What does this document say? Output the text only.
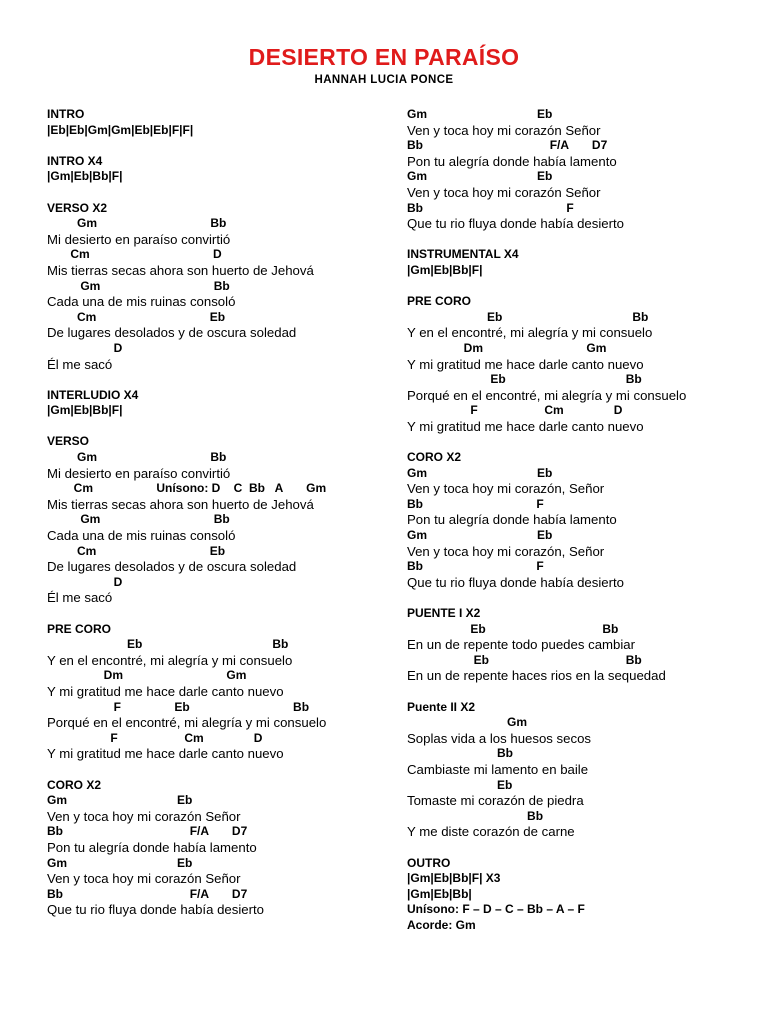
DESIERTO EN PARAÍSO
HANNAH LUCIA PONCE
INTRO
|Eb|Eb|Gm|Gm|Eb|Eb|F|F|
INTRO X4
|Gm|Eb|Bb|F|
VERSO X2
Gm                                  Bb
Mi desierto en paraíso convirtió
Cm                                     D
Mis tierras secas ahora son huerto de Jehová
Gm                                  Bb
Cada una de mis ruinas consoló
Cm                                  Eb
De lugares desolados y de oscura soledad
D
Él me sacó
INTERLUDIO X4
|Gm|Eb|Bb|F|
VERSO
Gm                                  Bb
Mi desierto en paraíso convirtió
Cm                   Unísono: D    C  Bb   A       Gm
Mis tierras secas ahora son huerto de Jehová
Gm                                  Bb
Cada una de mis ruinas consoló
Cm                                  Eb
De lugares desolados y de oscura soledad
D
Él me sacó
PRE CORO
Eb                                       Bb
Y en el encontré, mi alegría y mi consuelo
Dm                               Gm
Y mi gratitud me hace darle canto nuevo
F                Eb                               Bb
Porqué en el encontré, mi alegría y mi consuelo
F                    Cm               D
Y mi gratitud me hace darle canto nuevo
CORO X2
Gm                                 Eb
Ven y toca hoy mi corazón Señor
Bb                                      F/A       D7
Pon tu alegría donde había lamento
Gm                                 Eb
Ven y toca hoy mi corazón Señor
Bb                                      F/A       D7
Que tu rio fluya donde había desierto
Gm                                 Eb
Ven y toca hoy mi corazón Señor
Bb                                      F/A       D7
Pon tu alegría donde había lamento
Gm                                 Eb
Ven y toca hoy mi corazón Señor
Bb                                           F
Que tu rio fluya donde había desierto
INSTRUMENTAL X4
|Gm|Eb|Bb|F|
PRE CORO
Eb                                       Bb
Y en el encontré, mi alegría y mi consuelo
Dm                               Gm
Y mi gratitud me hace darle canto nuevo
Eb                                    Bb
Porqué en el encontré, mi alegría y mi consuelo
F                    Cm               D
Y mi gratitud me hace darle canto nuevo
CORO X2
Gm                                 Eb
Ven y toca hoy mi corazón, Señor
Bb                                  F
Pon tu alegría donde había lamento
Gm                                 Eb
Ven y toca hoy mi corazón, Señor
Bb                                  F
Que tu rio fluya donde había desierto
PUENTE I X2
Eb                                   Bb
En un de repente todo puedes cambiar
Eb                                         Bb
En un de repente haces rios en la sequedad
Puente II X2
Gm
Soplas vida a los huesos secos
Bb
Cambiaste mi lamento en baile
Eb
Tomaste mi corazón de piedra
Bb
Y me diste corazón de carne
OUTRO
|Gm|Eb|Bb|F| X3
|Gm|Eb|Bb|
Unísono: F – D – C – Bb – A – F
Acorde: Gm
